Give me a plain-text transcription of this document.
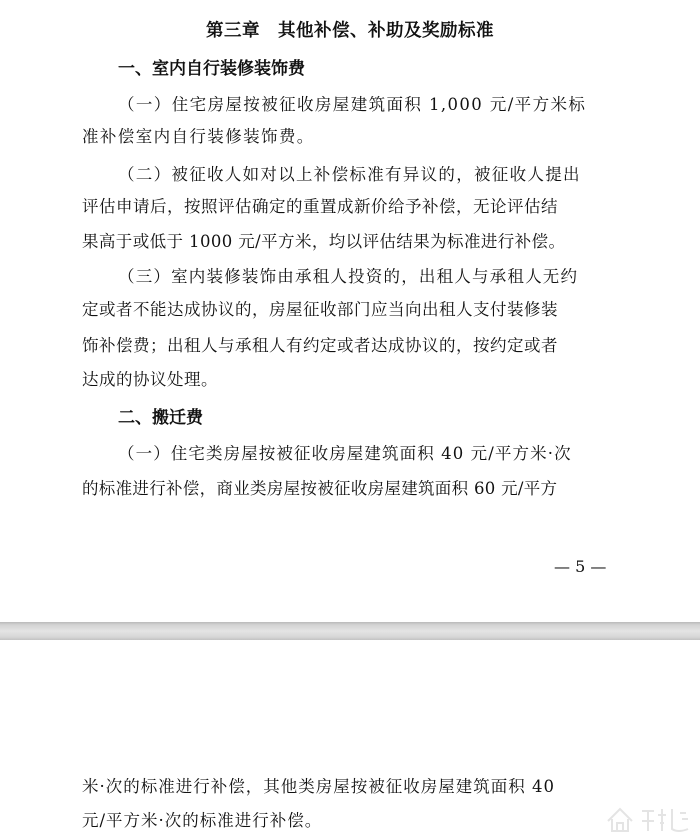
第三章　其他补偿、补助及奖励标准

一、室内自行装修装饰费

（一）住宅房屋按被征收房屋建筑面积 1,000 元/平方米标

准补偿室内自行装修装饰费。

（二）被征收人如对以上补偿标准有异议的，被征收人提出

评估申请后，按照评估确定的重置成新价给予补偿，无论评估结

果高于或低于 1000 元/平方米，均以评估结果为标准进行补偿。

（三）室内装修装饰由承租人投资的，出租人与承租人无约

定或者不能达成协议的，房屋征收部门应当向出租人支付装修装

饰补偿费；出租人与承租人有约定或者达成协议的，按约定或者

达成的协议处理。

二、搬迁费

（一）住宅类房屋按被征收房屋建筑面积 40 元/平方米·次

的标准进行补偿，商业类房屋按被征收房屋建筑面积 60 元/平方

— 5 —

米·次的标准进行补偿，其他类房屋按被征收房屋建筑面积 40

元/平方米·次的标准进行补偿。
